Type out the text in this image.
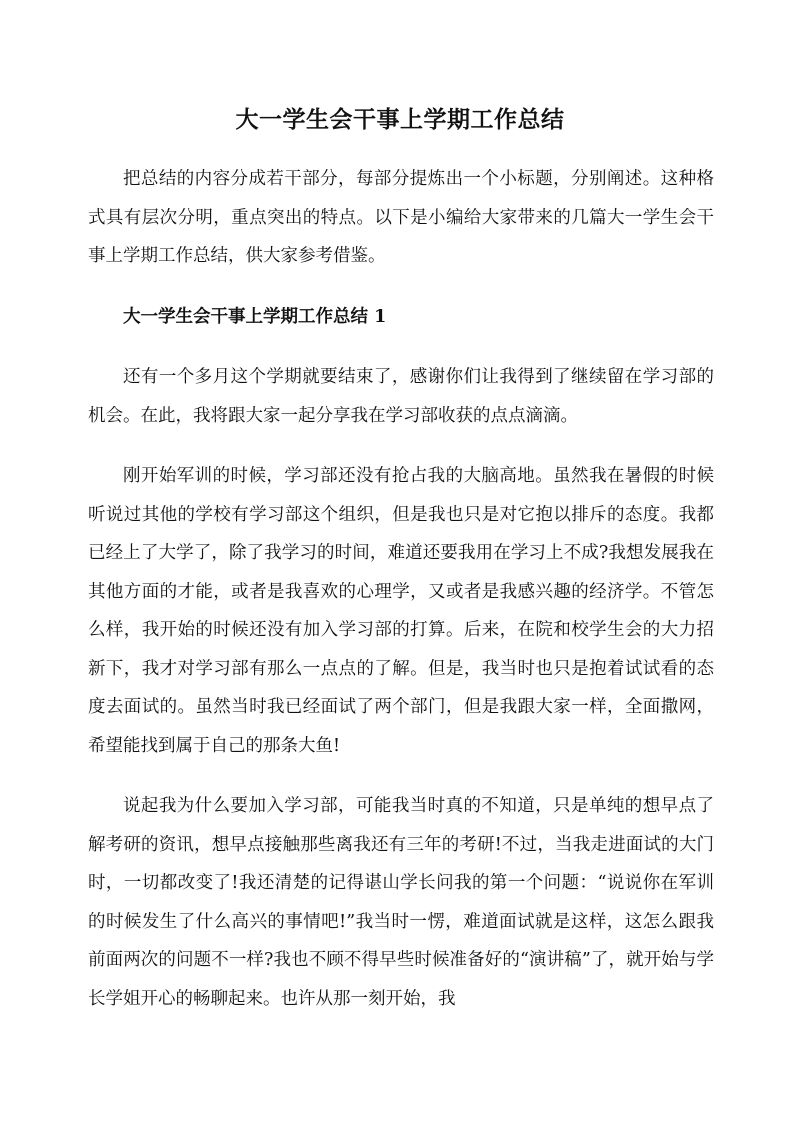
大一学生会干事上学期工作总结

把总结的内容分成若干部分，每部分提炼出一个小标题，分别阐述。这种格式具有层次分明，重点突出的特点。以下是小编给大家带来的几篇大一学生会干事上学期工作总结，供大家参考借鉴。

大一学生会干事上学期工作总结 1

还有一个多月这个学期就要结束了，感谢你们让我得到了继续留在学习部的机会。在此，我将跟大家一起分享我在学习部收获的点点滴滴。

刚开始军训的时候，学习部还没有抢占我的大脑高地。虽然我在暑假的时候听说过其他的学校有学习部这个组织，但是我也只是对它抱以排斥的态度。我都已经上了大学了，除了我学习的时间，难道还要我用在学习上不成?我想发展我在其他方面的才能，或者是我喜欢的心理学，又或者是我感兴趣的经济学。不管怎么样，我开始的时候还没有加入学习部的打算。后来，在院和校学生会的大力招新下，我才对学习部有那么一点点的了解。但是，我当时也只是抱着试试看的态度去面试的。虽然当时我已经面试了两个部门，但是我跟大家一样，全面撒网，希望能找到属于自己的那条大鱼!

说起我为什么要加入学习部，可能我当时真的不知道，只是单纯的想早点了解考研的资讯，想早点接触那些离我还有三年的考研!不过，当我走进面试的大门时，一切都改变了!我还清楚的记得谌山学长问我的第一个问题：“说说你在军训的时候发生了什么高兴的事情吧!”我当时一愣，难道面试就是这样，这怎么跟我前面两次的问题不一样?我也不顾不得早些时候准备好的“演讲稿”了，就开始与学长学姐开心的畅聊起来。也许从那一刻开始，我
